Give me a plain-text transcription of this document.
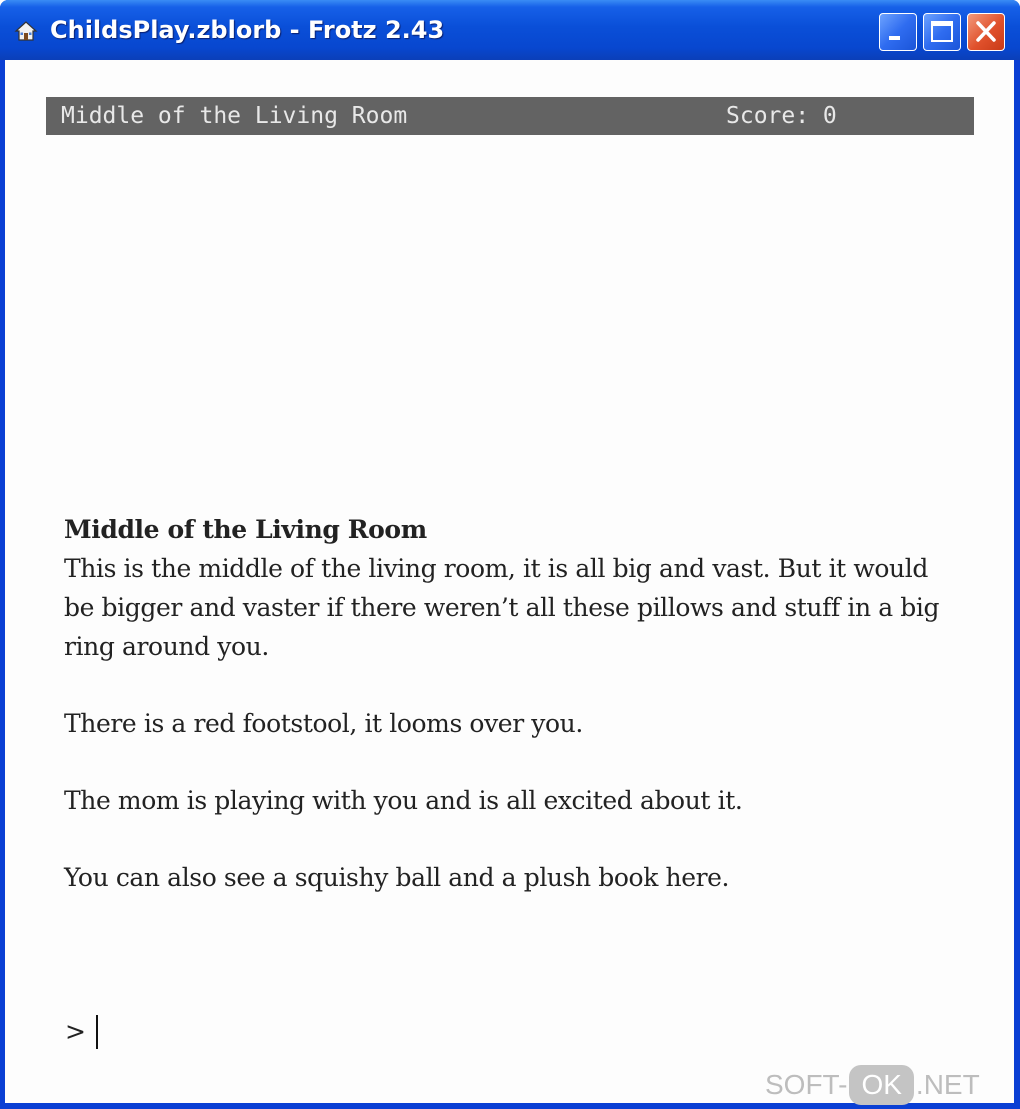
ChildsPlay.zblorb - Frotz 2.43
Middle of the Living Room	Score: 0

Middle of the Living Room

This is the middle of the living room, it is all big and vast. But it would be bigger and vaster if there weren’t all these pillows and stuff in a big ring around you.

There is a red footstool, it looms over you.

The mom is playing with you and is all excited about it.

You can also see a squishy ball and a plush book here.

>
SOFT- OK .NET
